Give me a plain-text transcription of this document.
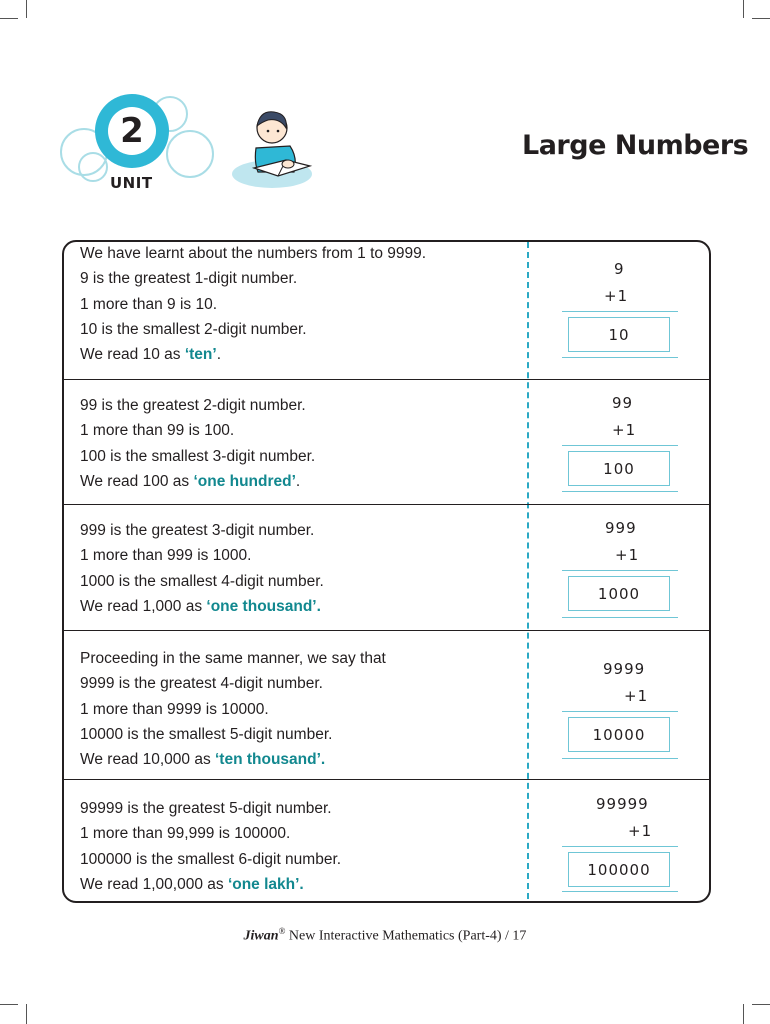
2
UNIT
Large Numbers
We have learnt about the numbers from 1 to 9999.
9 is the greatest 1-digit number.
1 more than 9 is 10.
10 is the smallest 2-digit number.
We read 10 as ‘ten’.
9
+1
10
99 is the greatest 2-digit number.
1 more than 99 is 100.
100 is the smallest 3-digit number.
We read 100 as ‘one hundred’.
99
+1
100
999 is the greatest 3-digit number.
1 more than 999 is 1000.
1000 is the smallest 4-digit number.
We read 1,000 as ‘one thousand’.
999
+1
1000
Proceeding in the same manner, we say that
9999 is the greatest 4-digit number.
1 more than 9999 is 10000.
10000 is the smallest 5-digit number.
We read 10,000 as ‘ten thousand’.
9999
+1
10000
99999 is the greatest 5-digit number.
1 more than 99,999 is 100000.
100000 is the smallest 6-digit number.
We read 1,00,000 as ‘one lakh’.
99999
+1
100000
Jiwan® New Interactive Mathematics (Part-4) / 17
